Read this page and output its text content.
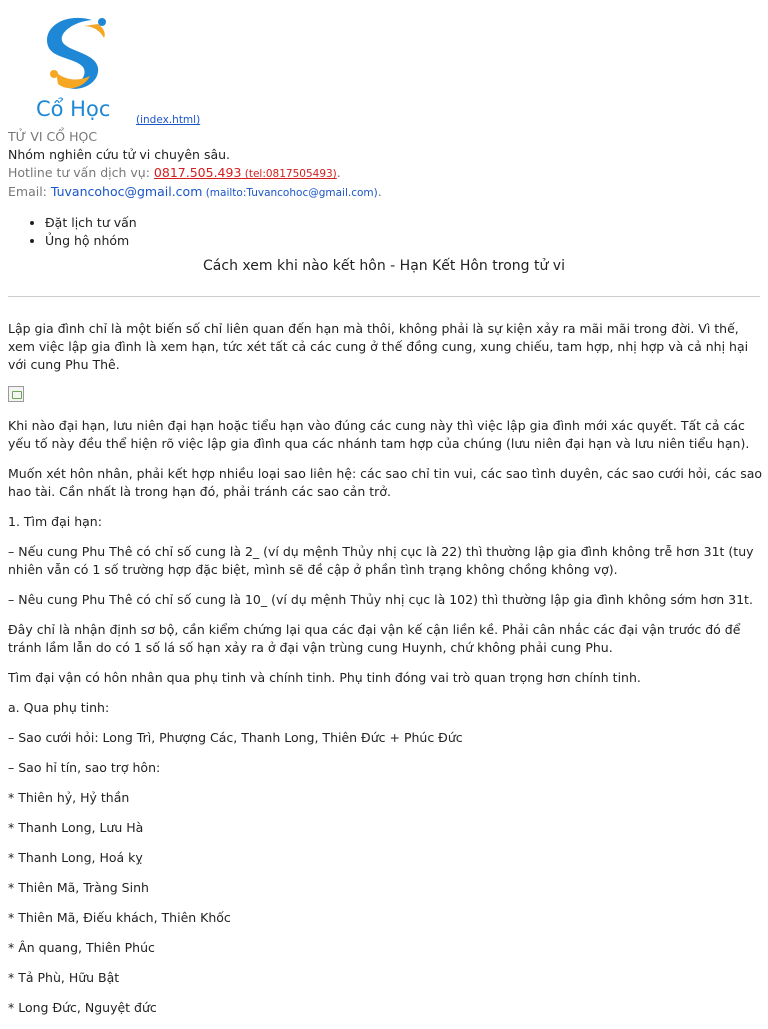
Cổ Học (index.html)
TỬ VI CỔ HỌC
Nhóm nghiên cứu tử vi chuyên sâu.
Hotline tư vấn dịch vụ: 0817.505.493 (tel:0817505493).
Email: Tuvancohoc@gmail.com (mailto:Tuvancohoc@gmail.com).
• Đặt lịch tư vấn
• Ủng hộ nhóm
Cách xem khi nào kết hôn - Hạn Kết Hôn trong tử vi

Lập gia đình chỉ là một biến số chỉ liên quan đến hạn mà thôi, không phải là sự kiện xảy ra mãi mãi trong đời. Vì thế, xem việc lập gia đình là xem hạn, tức xét tất cả các cung ở thế đồng cung, xung chiếu, tam hợp, nhị hợp và cả nhị hại với cung Phu Thê.

Khi nào đại hạn, lưu niên đại hạn hoặc tiểu hạn vào đúng các cung này thì việc lập gia đình mới xác quyết. Tất cả các yếu tố này đều thể hiện rõ việc lập gia đình qua các nhánh tam hợp của chúng (lưu niên đại hạn và lưu niên tiểu hạn).

Muốn xét hôn nhân, phải kết hợp nhiều loại sao liên hệ: các sao chỉ tin vui, các sao tình duyên, các sao cưới hỏi, các sao hao tài. Cần nhất là trong hạn đó, phải tránh các sao cản trở.

1. Tìm đại hạn:

– Nếu cung Phu Thê có chỉ số cung là 2_ (ví dụ mệnh Thủy nhị cục là 22) thì thường lập gia đình không trễ hơn 31t (tuy nhiên vẫn có 1 số trường hợp đặc biệt, mình sẽ đề cập ở phần tình trạng không chồng không vợ).

– Nêu cung Phu Thê có chỉ số cung là 10_ (ví dụ mệnh Thủy nhị cục là 102) thì thường lập gia đình không sớm hơn 31t.

Đây chỉ là nhận định sơ bộ, cần kiểm chứng lại qua các đại vận kế cận liền kề. Phải cân nhắc các đại vận trước đó để tránh lầm lẫn do có 1 số lá số hạn xảy ra ở đại vận trùng cung Huynh, chứ không phải cung Phu.

Tìm đại vận có hôn nhân qua phụ tinh và chính tinh. Phụ tinh đóng vai trò quan trọng hơn chính tinh.

a. Qua phụ tinh:

– Sao cưới hỏi: Long Trì, Phượng Các, Thanh Long, Thiên Đức + Phúc Đức

– Sao hỉ tín, sao trợ hôn:

* Thiên hỷ, Hỷ thần

* Thanh Long, Lưu Hà

* Thanh Long, Hoá kỵ

* Thiên Mã, Tràng Sinh

* Thiên Mã, Điếu khách, Thiên Khốc

* Ân quang, Thiên Phúc

* Tả Phù, Hữu Bật

* Long Đức, Nguyệt đức
